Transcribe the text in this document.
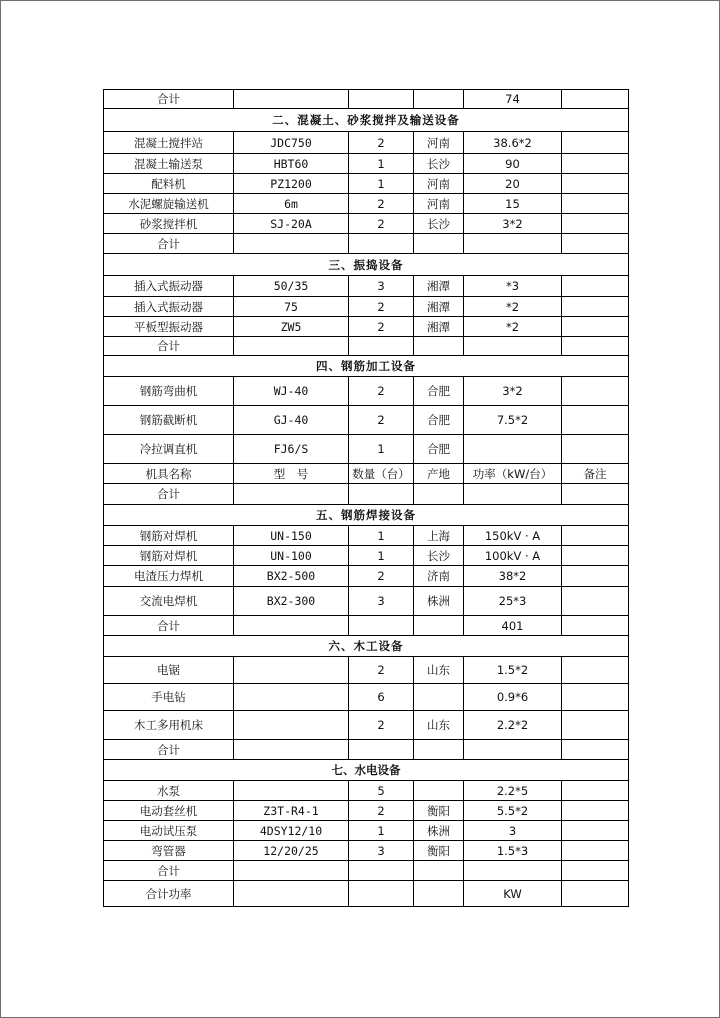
合计				74	
二、混凝土、砂浆搅拌及输送设备					
混凝土搅拌站	JDC750	2	河南	38.6*2	
混凝土输送泵	HBT60	1	长沙	90	
配料机	PZ1200	1	河南	20	
水泥螺旋输送机	6m	2	河南	15	
砂浆搅拌机	SJ-20A	2	长沙	3*2	
合计					
三、振捣设备					
插入式振动器	50/35	3	湘潭	*3	
插入式振动器	75	2	湘潭	*2	
平板型振动器	ZW5	2	湘潭	*2	
合计					
四、钢筋加工设备					
钢筋弯曲机	WJ-40	2	合肥	3*2	
钢筋截断机	GJ-40	2	合肥	7.5*2	
冷拉调直机	FJ6/S	1	合肥		
机具名称	型　号	数量（台）	产地	功率（kW/台）	备注
合计					
五、钢筋焊接设备					
钢筋对焊机	UN-150	1	上海	150kV · A	
钢筋对焊机	UN-100	1	长沙	100kV · A	
电渣压力焊机	BX2-500	2	济南	38*2	
交流电焊机	BX2-300	3	株洲	25*3	
合计				401	
六、木工设备					
电锯		2	山东	1.5*2	
手电钻		6		0.9*6	
木工多用机床		2	山东	2.2*2	
合计					
七、水电设备					
水泵		5		2.2*5	
电动套丝机	Z3T-R4-1	2	衡阳	5.5*2	
电动试压泵	4DSY12/10	1	株洲	3	
弯管器	12/20/25	3	衡阳	1.5*3	
合计					
合计功率				KW	
